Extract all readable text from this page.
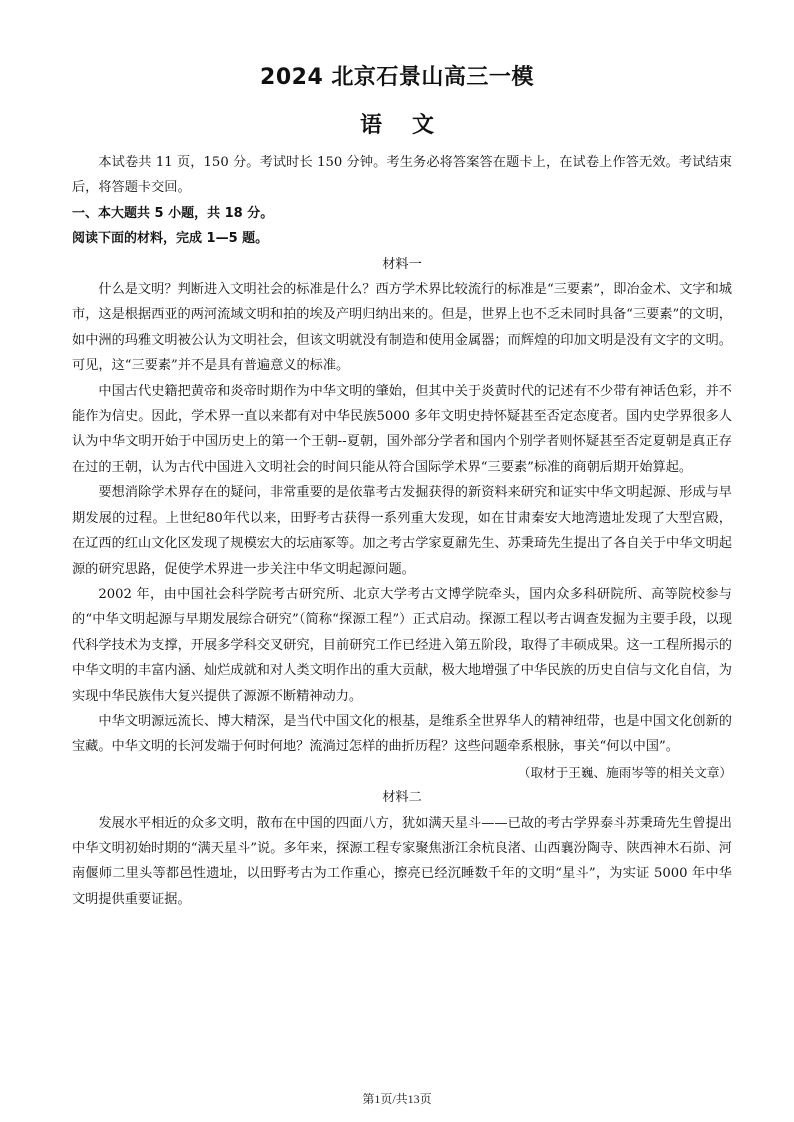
2024 北京石景山高三一模
语文

本试卷共 11 页，150 分。考试时长 150 分钟。考生务必将答案答在题卡上，在试卷上作答无效。考试结束后，将答题卡交回。

一、本大题共 5 小题，共 18 分。

阅读下面的材料，完成 1—5 题。

材料一

什么是文明？判断进入文明社会的标准是什么？西方学术界比较流行的标准是“三要素”，即冶金术、文字和城市，这是根据西亚的两河流域文明和拍的埃及产明归纳出来的。但是，世界上也不乏未同时具备“三要素”的文明，如中洲的玛雅文明被公认为文明社会，但该文明就没有制造和使用金属器；而辉煌的印加文明是没有文字的文明。可见，这“三要素”并不是具有普遍意义的标准。

中国古代史籍把黄帝和炎帝时期作为中华文明的肇始，但其中关于炎黄时代的记述有不少带有神话色彩，并不能作为信史。因此，学术界一直以来都有对中华民族5000 多年文明史持怀疑甚至否定态度者。国内史学界很多人认为中华文明开始于中国历史上的第一个王朝--夏朝，国外部分学者和国内个别学者则怀疑甚至否定夏朝是真正存在过的王朝，认为古代中国进入文明社会的时间只能从符合国际学术界“三要素”标准的商朝后期开始算起。

要想消除学术界存在的疑问，非常重要的是依靠考古发掘获得的新资料来研究和证实中华文明起源、形成与早期发展的过程。上世纪80年代以来，田野考古获得一系列重大发现，如在甘肃秦安大地湾遗址发现了大型宫殿，在辽西的红山文化区发现了规模宏大的坛庙冢等。加之考古学家夏鼐先生、苏秉琦先生提出了各自关于中华文明起源的研究思路，促使学术界进一步关注中华文明起源问题。

2002 年，由中国社会科学院考古研究所、北京大学考古文博学院牵头，国内众多科研院所、高等院校参与的“中华文明起源与早期发展综合研究”（简称“探源工程”）正式启动。探源工程以考古调查发掘为主要手段，以现代科学技术为支撑，开展多学科交叉研究，目前研究工作已经进入第五阶段，取得了丰硕成果。这一工程所揭示的中华文明的丰富内涵、灿烂成就和对人类文明作出的重大贡献，极大地增强了中华民族的历史自信与文化自信，为实现中华民族伟大复兴提供了源源不断精神动力。

中华文明源远流长、博大精深，是当代中国文化的根基，是维系全世界华人的精神纽带，也是中国文化创新的宝藏。中华文明的长河发端于何时何地？流淌过怎样的曲折历程？这些问题牵系根脉，事关“何以中国”。

（取材于王巍、施雨岑等的相关文章）

材料二

发展水平相近的众多文明，散布在中国的四面八方，犹如满天星斗——已故的考古学界泰斗苏秉琦先生曾提出中华文明初始时期的“满天星斗”说。多年来，探源工程专家聚焦浙江余杭良渚、山西襄汾陶寺、陕西神木石峁、河南偃师二里头等都邑性遗址，以田野考古为工作重心，擦亮已经沉睡数千年的文明“星斗”，为实证 5000 年中华文明提供重要证据。

第1页/共13页
